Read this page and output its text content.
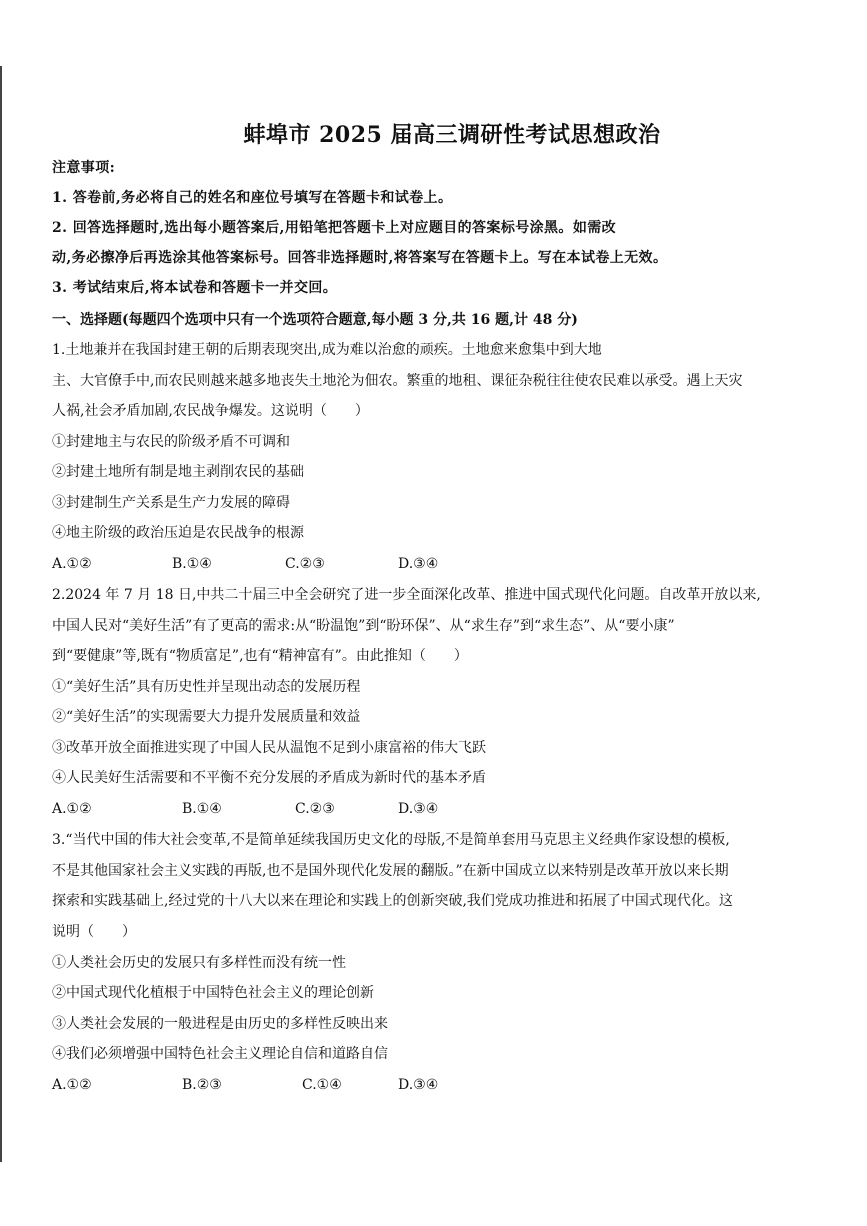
蚌埠市 2025 届高三调研性考试思想政治
注意事项:
1. 答卷前,务必将自己的姓名和座位号填写在答题卡和试卷上。
2. 回答选择题时,选出每小题答案后,用铅笔把答题卡上对应题目的答案标号涂黑。如需改
动,务必擦净后再选涂其他答案标号。回答非选择题时,将答案写在答题卡上。写在本试卷上无效。
3. 考试结束后,将本试卷和答题卡一并交回。
一、选择题(每题四个选项中只有一个选项符合题意,每小题 3 分,共 16 题,计 48 分)
1.土地兼并在我国封建王朝的后期表现突出,成为难以治愈的顽疾。土地愈来愈集中到大地
主、大官僚手中,而农民则越来越多地丧失土地沦为佃农。繁重的地租、课征杂税往往使农民难以承受。遇上天灾
人祸,社会矛盾加剧,农民战争爆发。这说明（　　）
①封建地主与农民的阶级矛盾不可调和
②封建土地所有制是地主剥削农民的基础
③封建制生产关系是生产力发展的障碍
④地主阶级的政治压迫是农民战争的根源
A.①②	B.①④	C.②③	D.③④
2.2024 年 7 月 18 日,中共二十届三中全会研究了进一步全面深化改革、推进中国式现代化问题。自改革开放以来,
中国人民对“美好生活”有了更高的需求:从“盼温饱”到“盼环保”、从“求生存”到“求生态”、从“要小康”
到“要健康”等,既有“物质富足”,也有“精神富有”。由此推知（　　）
①“美好生活”具有历史性并呈现出动态的发展历程
②“美好生活”的实现需要大力提升发展质量和效益
③改革开放全面推进实现了中国人民从温饱不足到小康富裕的伟大飞跃
④人民美好生活需要和不平衡不充分发展的矛盾成为新时代的基本矛盾
A.①②	B.①④	C.②③	D.③④
3.“当代中国的伟大社会变革,不是简单延续我国历史文化的母版,不是简单套用马克思主义经典作家设想的模板,
不是其他国家社会主义实践的再版,也不是国外现代化发展的翻版。”在新中国成立以来特别是改革开放以来长期
探索和实践基础上,经过党的十八大以来在理论和实践上的创新突破,我们党成功推进和拓展了中国式现代化。这
说明（　　）
①人类社会历史的发展只有多样性而没有统一性
②中国式现代化植根于中国特色社会主义的理论创新
③人类社会发展的一般进程是由历史的多样性反映出来
④我们必须增强中国特色社会主义理论自信和道路自信
A.①②	B.②③	C.①④	D.③④
